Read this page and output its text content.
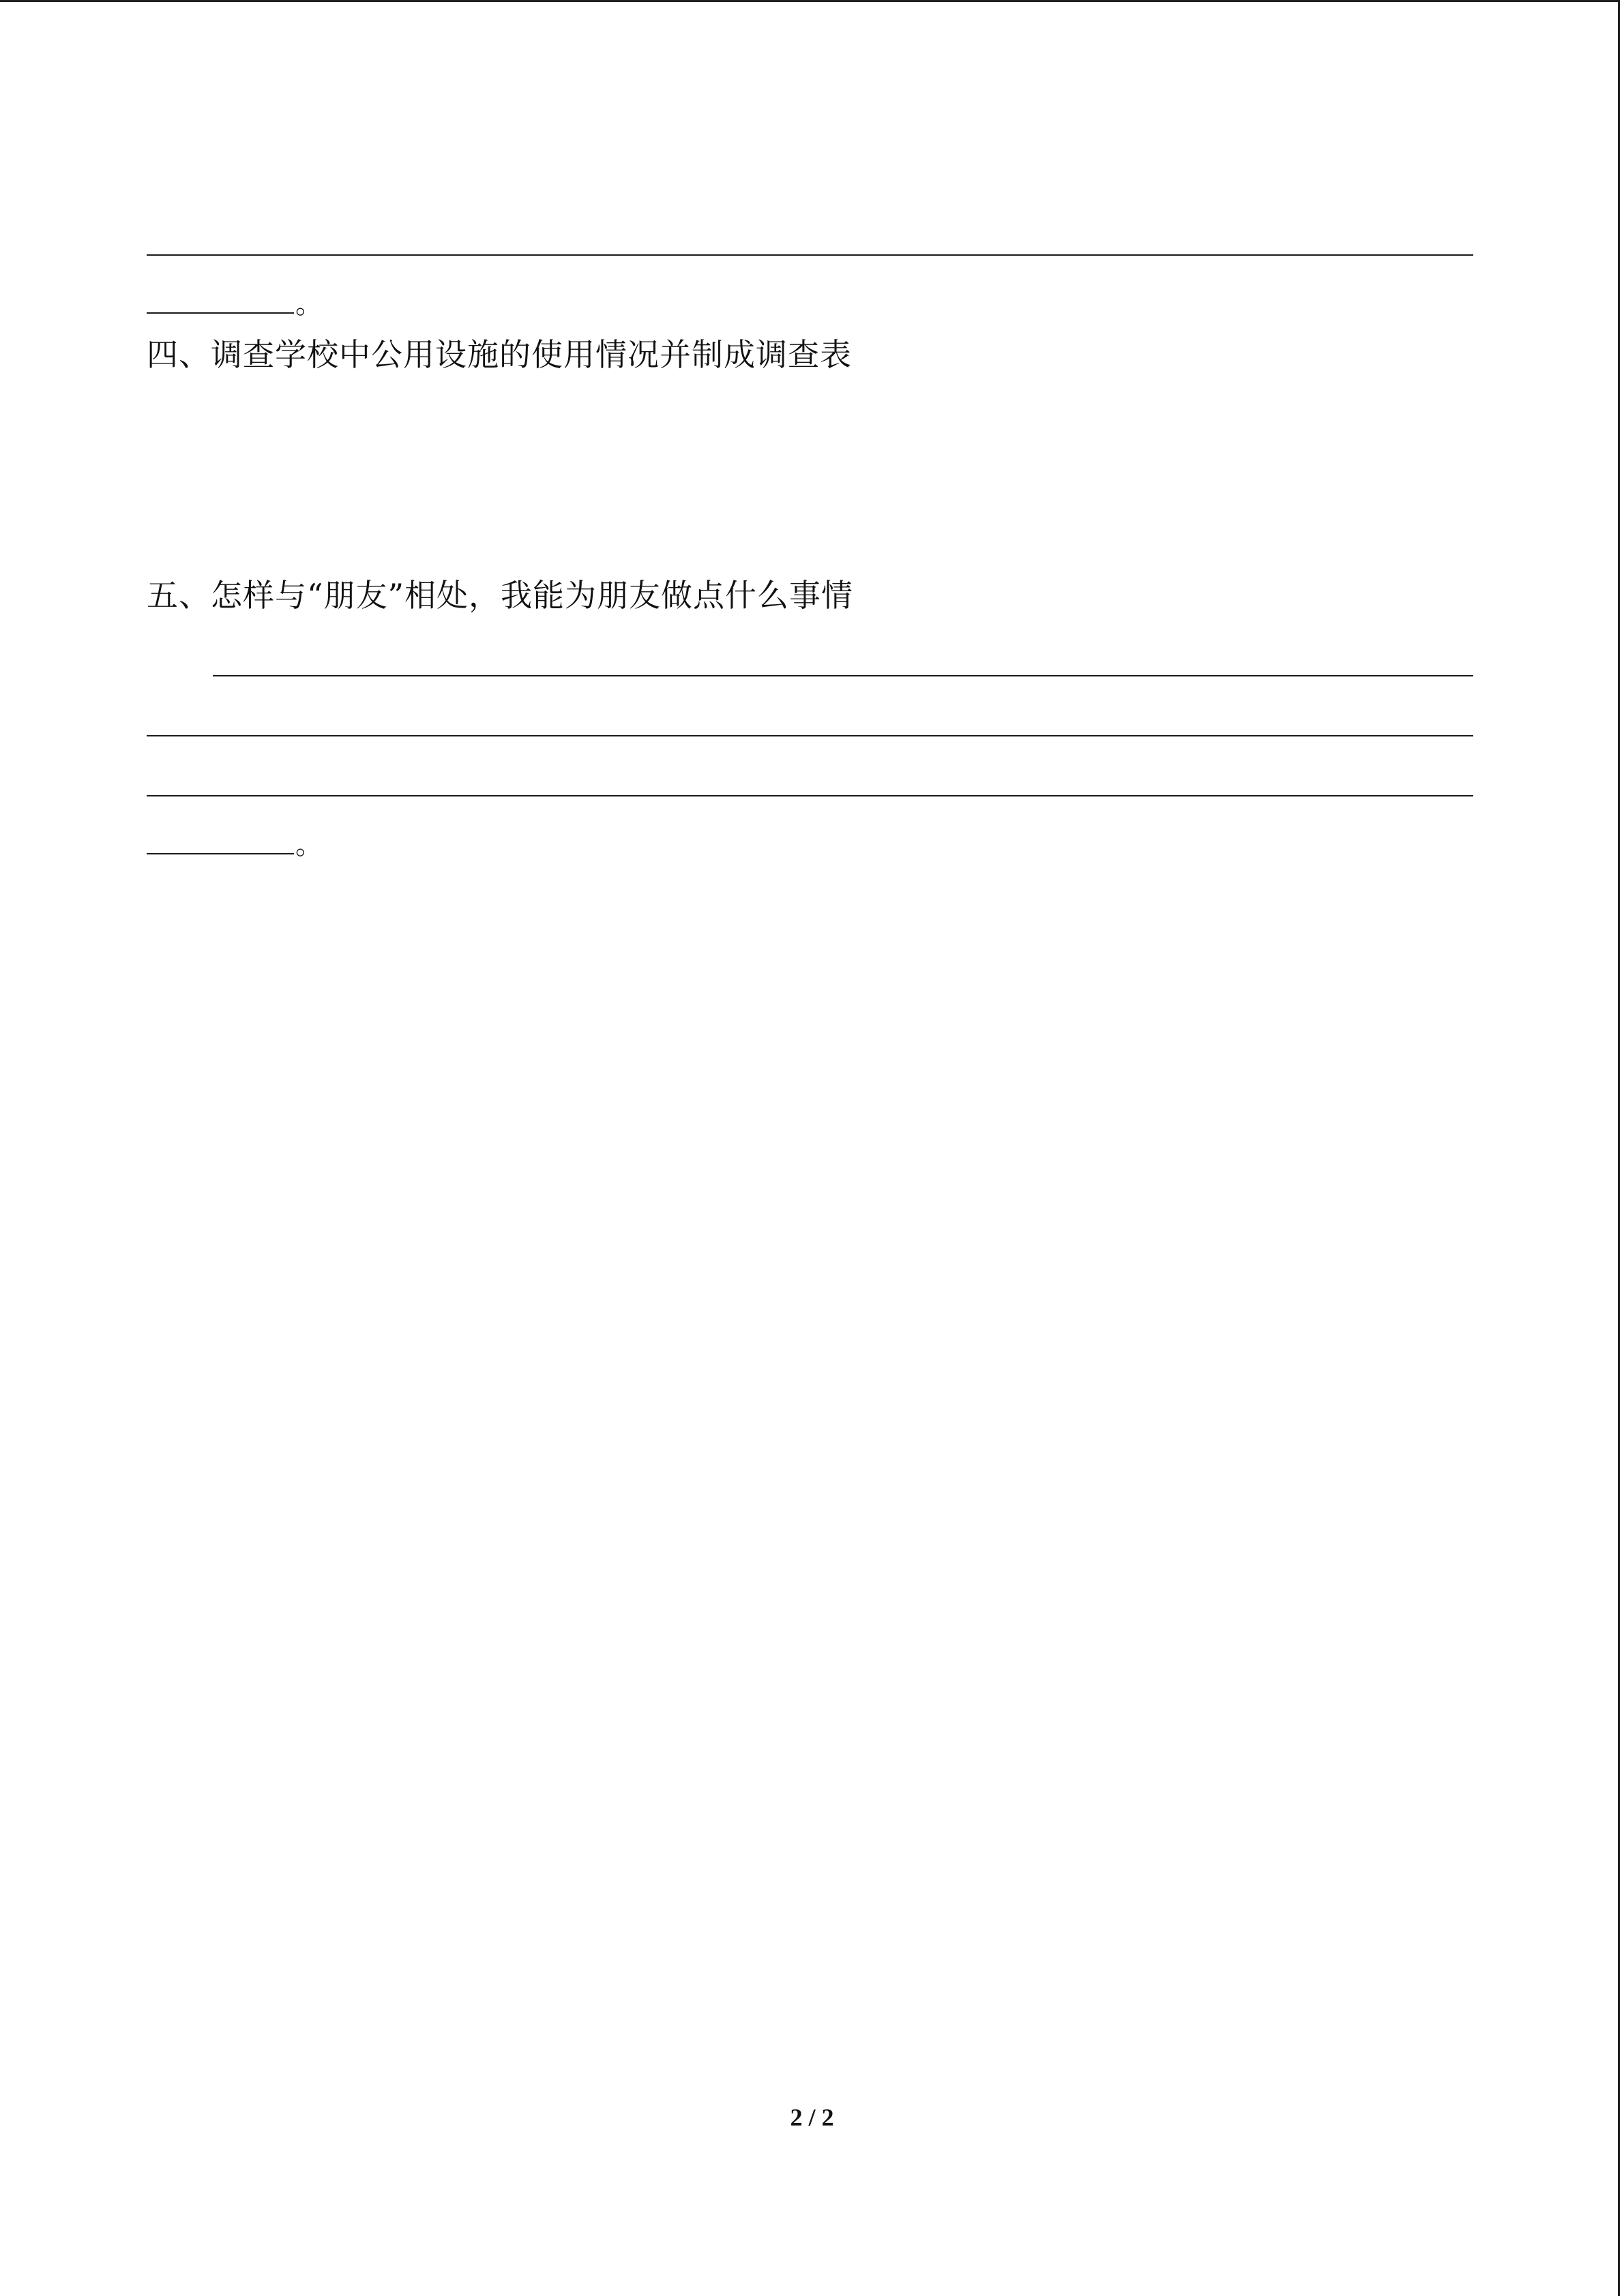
。
四、调查学校中公用设施的使用情况并制成调查表
五、怎样与“朋友”相处，我能为朋友做点什么事情
。
2 / 2
